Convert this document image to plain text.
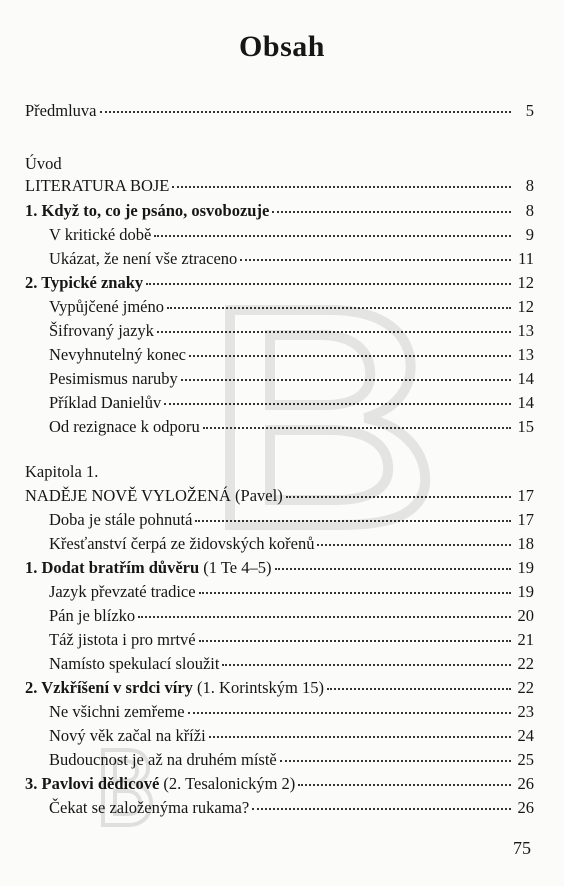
Obsah
Předmluva	5
Úvod
LITERATURA BOJE	8
1. Když to, co je psáno, osvobozuje	8
V kritické době	9
Ukázat, že není vše ztraceno	11
2. Typické znaky	12
Vypůjčené jméno	12
Šifrovaný jazyk	13
Nevyhnutelný konec	13
Pesimismus naruby	14
Příklad Danielův	14
Od rezignace k odporu	15
Kapitola 1.
NADĚJE NOVĚ VYLOŽENÁ (Pavel)	17
Doba je stále pohnutá	17
Křesťanství čerpá ze židovských kořenů	18
1. Dodat bratřím důvěru (1 Te 4–5)	19
Jazyk převzaté tradice	19
Pán je blízko	20
Táž jistota i pro mrtvé	21
Namísto spekulací sloužit	22
2. Vzkříšení v srdci víry (1. Korintským 15)	22
Ne všichni zemřeme	23
Nový věk začal na kříži	24
Budoucnost je až na druhém místě	25
3. Pavlovi dědicové (2. Tesalonickým 2)	26
Čekat se založenýma rukama?	26
75
